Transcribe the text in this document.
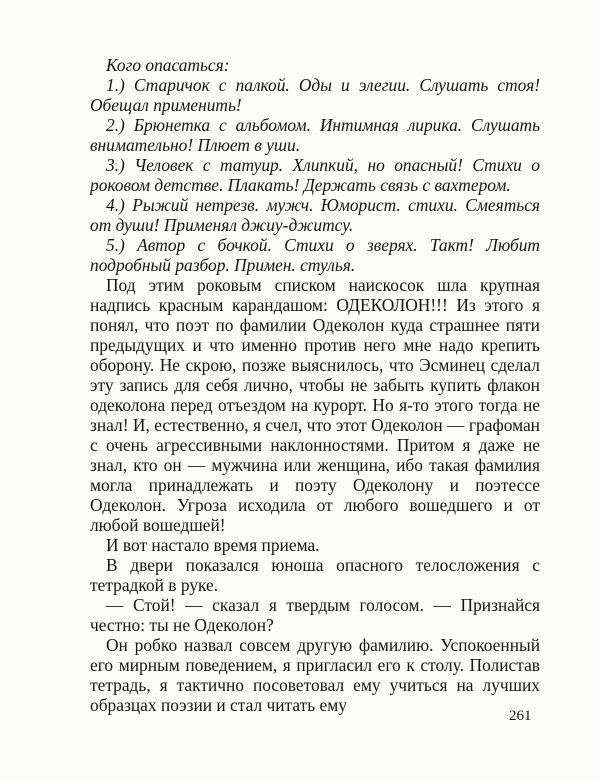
Кого опасаться:

1.) Старичок с палкой. Оды и элегии. Слушать стоя! Обещал применить!

2.) Брюнетка с альбомом. Интимная лирика. Слушать внимательно! Плюет в уши.

3.) Человек с татуир. Хлипкий, но опасный! Стихи о роковом детстве. Плакать! Держать связь с вахтером.

4.) Рыжий нетрезв. мужч. Юморист. стихи. Смеяться от души! Применял джиу-джитсу.

5.) Автор с бочкой. Стихи о зверях. Такт! Любит подробный разбор. Примен. стулья.

Под этим роковым списком наискосок шла крупная надпись красным карандашом: ОДЕКОЛОН!!! Из этого я понял, что поэт по фамилии Одеколон куда страшнее пяти предыдущих и что именно против него мне надо крепить оборону. Не скрою, позже выяснилось, что Эсминец сделал эту запись для себя лично, чтобы не забыть купить флакон одеколона перед отъездом на курорт. Но я-то этого тогда не знал! И, естественно, я счел, что этот Одеколон — графоман с очень агрессивными наклонностями. Притом я даже не знал, кто он — мужчина или женщина, ибо такая фамилия могла принадлежать и поэту Одеколону и поэтессе Одеколон. Угроза исходила от любого вошедшего и от любой вошедшей!

И вот настало время приема.

В двери показался юноша опасного телосложения с тетрадкой в руке.

— Стой! — сказал я твердым голосом. — Признайся честно: ты не Одеколон?

Он робко назвал совсем другую фамилию. Успокоенный его мирным поведением, я пригласил его к столу. Полистав тетрадь, я тактично посоветовал ему учиться на лучших образцах поэзии и стал читать ему

261
